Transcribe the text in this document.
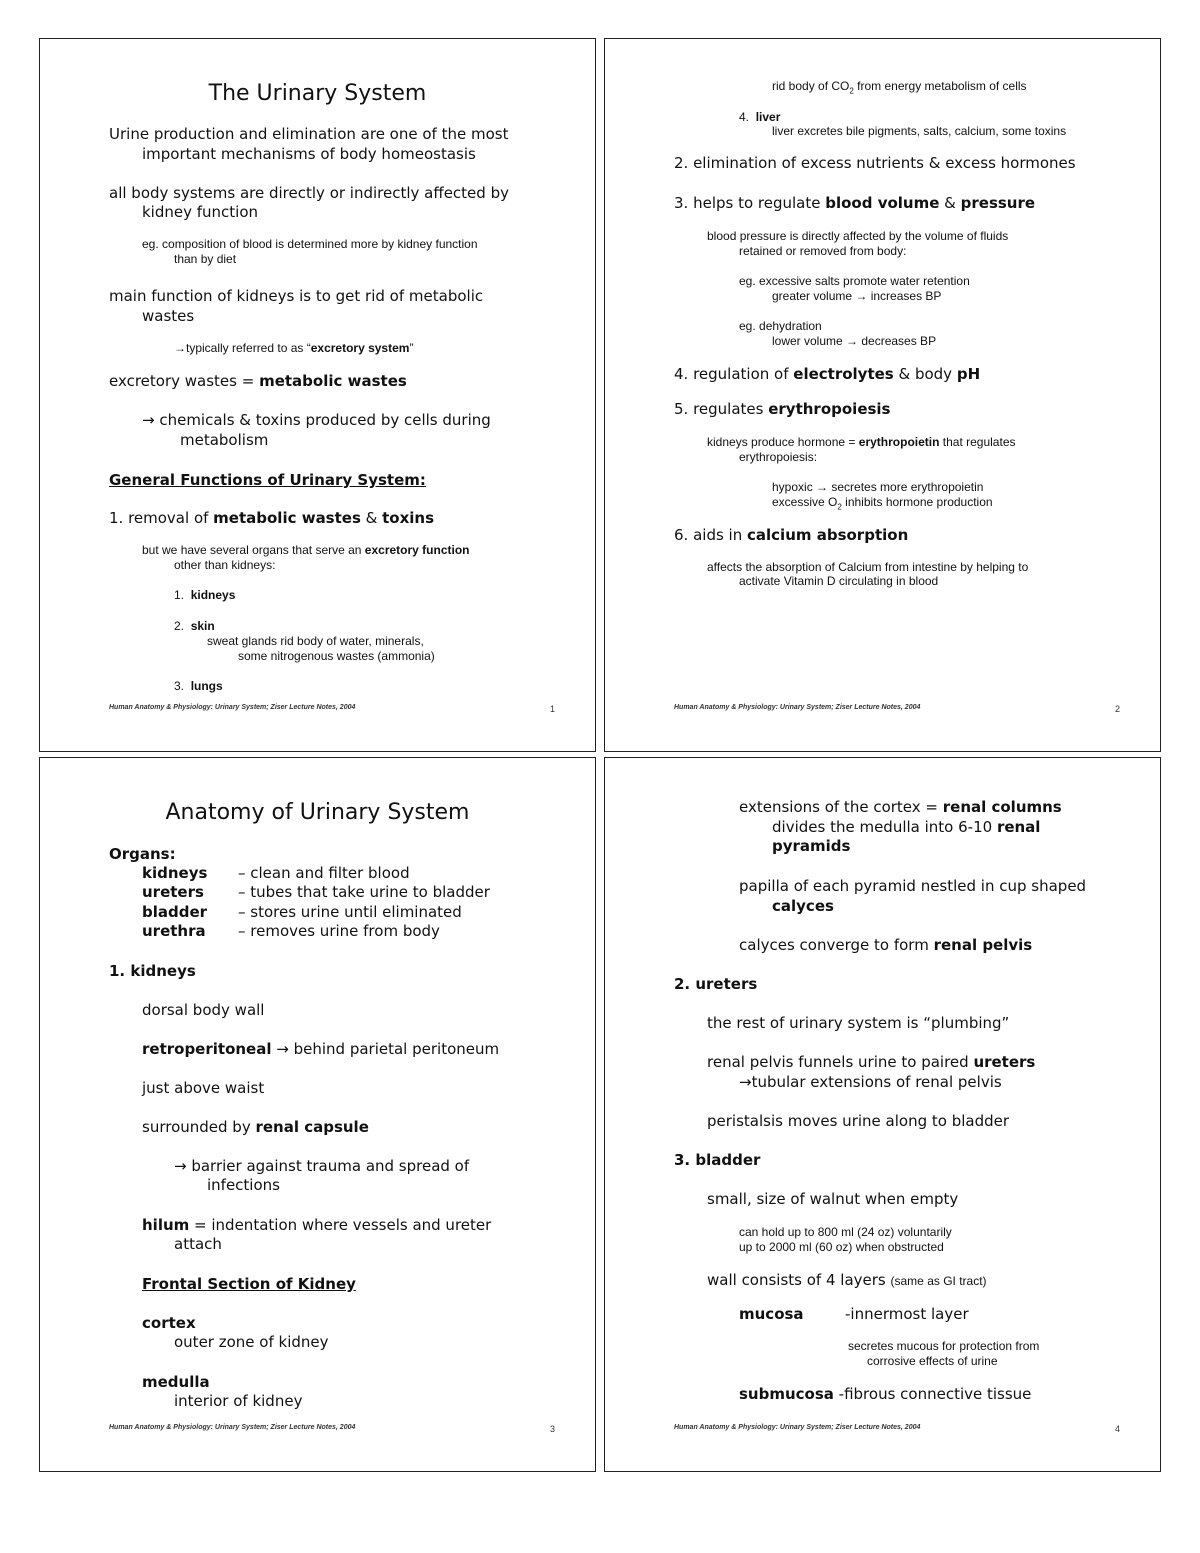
The Urinary System
Urine production and elimination are one of the most
important mechanisms of body homeostasis
all body systems are directly or indirectly affected by
kidney function
eg. composition of blood is determined more by kidney function
than by diet
main function of kidneys is to get rid of metabolic
wastes
→typically referred to as “excretory system”
excretory wastes = metabolic wastes
→ chemicals & toxins produced by cells during
metabolism
General Functions of Urinary System:
1. removal of metabolic wastes & toxins
but we have several organs that serve an excretory function
other than kidneys:
1. kidneys
2. skin
sweat glands rid body of water, minerals,
some nitrogenous wastes (ammonia)
3. lungs
Human Anatomy & Physiology: Urinary System; Ziser Lecture Notes, 2004	1
rid body of $CO_2$ from energy metabolism of cells
4. liver
liver excretes bile pigments, salts, calcium, some toxins
2. elimination of excess nutrients & excess hormones
3. helps to regulate blood volume & pressure
blood pressure is directly affected by the volume of fluids
retained or removed from body:
eg. excessive salts promote water retention
greater volume → increases BP
eg. dehydration
lower volume → decreases BP
4. regulation of electrolytes & body pH
5. regulates erythropoiesis
kidneys produce hormone = erythropoietin that regulates
erythropoiesis:
hypoxic → secretes more erythropoietin
excessive $O_2$ inhibits hormone production
6. aids in calcium absorption
affects the absorption of Calcium from intestine by helping to
activate Vitamin D circulating in blood
Human Anatomy & Physiology: Urinary System; Ziser Lecture Notes, 2004	2
Anatomy of Urinary System
Organs:
kidneys – clean and filter blood
ureters – tubes that take urine to bladder
bladder – stores urine until eliminated
urethra – removes urine from body
1. kidneys
dorsal body wall
retroperitoneal → behind parietal peritoneum
just above waist
surrounded by renal capsule
→ barrier against trauma and spread of
infections
hilum = indentation where vessels and ureter
attach
Frontal Section of Kidney
cortex
outer zone of kidney
medulla
interior of kidney
Human Anatomy & Physiology: Urinary System; Ziser Lecture Notes, 2004	3
extensions of the cortex = renal columns
divides the medulla into 6-10 renal
pyramids
papilla of each pyramid nestled in cup shaped
calyces
calyces converge to form renal pelvis
2. ureters
the rest of urinary system is “plumbing”
renal pelvis funnels urine to paired ureters
→tubular extensions of renal pelvis
peristalsis moves urine along to bladder
3. bladder
small, size of walnut when empty
can hold up to 800 ml (24 oz) voluntarily
up to 2000 ml (60 oz) when obstructed
wall consists of 4 layers (same as GI tract)
mucosa	-innermost layer
secretes mucous for protection from
corrosive effects of urine
submucosa -fibrous connective tissue
Human Anatomy & Physiology: Urinary System; Ziser Lecture Notes, 2004	4
